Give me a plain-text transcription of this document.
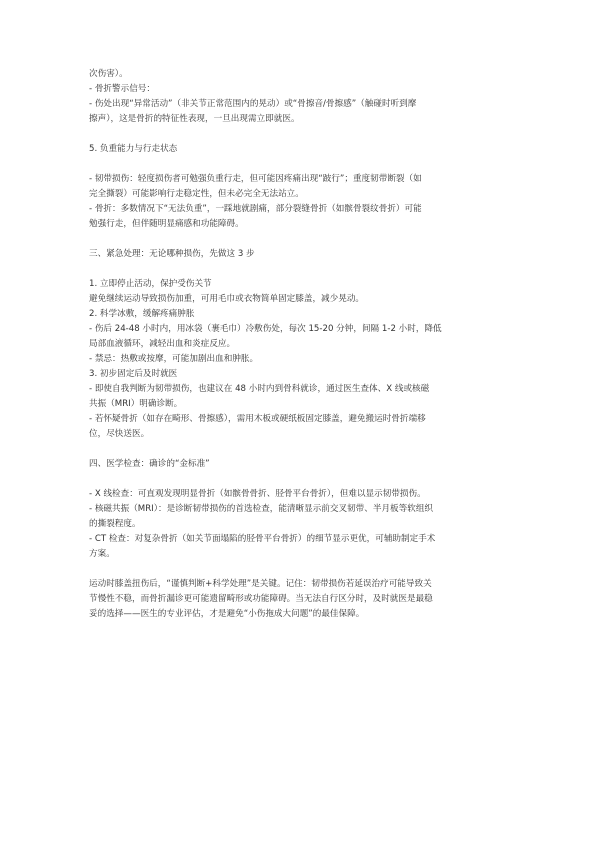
次伤害）。
- 骨折警示信号：
- 伤处出现“异常活动”（非关节正常范围内的晃动）或“骨擦音/骨擦感”（触碰时听到摩
擦声），这是骨折的特征性表现，一旦出现需立即就医。
5. 负重能力与行走状态
- 韧带损伤：轻度损伤者可勉强负重行走，但可能因疼痛出现“跛行”；重度韧带断裂（如
完全撕裂）可能影响行走稳定性，但未必完全无法站立。
- 骨折：多数情况下“无法负重”，一踩地就剧痛，部分裂缝骨折（如髌骨裂纹骨折）可能
勉强行走，但伴随明显痛感和功能障碍。
三、紧急处理：无论哪种损伤，先做这 3 步
1. 立即停止活动，保护受伤关节
避免继续运动导致损伤加重，可用毛巾或衣物简单固定膝盖，减少晃动。
2. 科学冰敷，缓解疼痛肿胀
- 伤后 24-48 小时内，用冰袋（裹毛巾）冷敷伤处，每次 15-20 分钟，间隔 1-2 小时，降低
局部血液循环，减轻出血和炎症反应。
- 禁忌：热敷或按摩，可能加剧出血和肿胀。
3. 初步固定后及时就医
- 即使自我判断为韧带损伤，也建议在 48 小时内到骨科就诊，通过医生查体、X 线或核磁
共振（MRI）明确诊断。
- 若怀疑骨折（如存在畸形、骨擦感），需用木板或硬纸板固定膝盖，避免搬运时骨折端移
位，尽快送医。
四、医学检查：确诊的“金标准”
- X 线检查：可直观发现明显骨折（如髌骨骨折、胫骨平台骨折），但难以显示韧带损伤。
- 核磁共振（MRI）：是诊断韧带损伤的首选检查，能清晰显示前交叉韧带、半月板等软组织
的撕裂程度。
- CT 检查：对复杂骨折（如关节面塌陷的胫骨平台骨折）的细节显示更优，可辅助制定手术
方案。
运动时膝盖扭伤后，“谨慎判断+科学处理”是关键。记住：韧带损伤若延误治疗可能导致关
节慢性不稳，而骨折漏诊更可能遗留畸形或功能障碍。当无法自行区分时，及时就医是最稳
妥的选择——医生的专业评估，才是避免“小伤拖成大问题”的最佳保障。
